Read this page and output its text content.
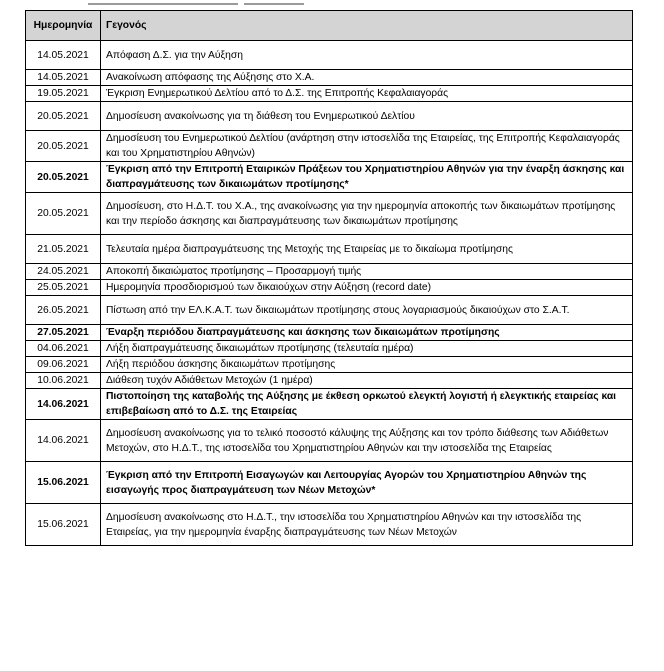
Ημερομηνία	Γεγονός
14.05.2021	Απόφαση Δ.Σ. για την Αύξηση
14.05.2021	Ανακοίνωση απόφασης της Αύξησης στο Χ.Α.
19.05.2021	Έγκριση Ενημερωτικού Δελτίου από το Δ.Σ. της Επιτροπής Κεφαλαιαγοράς
20.05.2021	Δημοσίευση ανακοίνωσης για τη διάθεση του Ενημερωτικού Δελτίου
20.05.2021	Δημοσίευση του Ενημερωτικού Δελτίου (ανάρτηση στην ιστοσελίδα της Εταιρείας, της Επιτροπής Κεφαλαιαγοράς και του Χρηματιστηρίου Αθηνών)
20.05.2021	Έγκριση από την Επιτροπή Εταιρικών Πράξεων του Χρηματιστηρίου Αθηνών για την έναρξη άσκησης και διαπραγμάτευσης των δικαιωμάτων προτίμησης*
20.05.2021	Δημοσίευση, στο Η.Δ.Τ. του Χ.Α., της ανακοίνωσης για την ημερομηνία αποκοπής των δικαιωμάτων προτίμησης και την περίοδο άσκησης και διαπραγμάτευσης των δικαιωμάτων προτίμησης
21.05.2021	Τελευταία ημέρα διαπραγμάτευσης της Μετοχής της Εταιρείας με το δικαίωμα προτίμησης
24.05.2021	Αποκοπή δικαιώματος προτίμησης – Προσαρμογή τιμής
25.05.2021	Ημερομηνία προσδιορισμού των δικαιούχων στην Αύξηση (record date)
26.05.2021	Πίστωση από την ΕΛ.Κ.Α.Τ. των δικαιωμάτων προτίμησης στους λογαριασμούς δικαιούχων στο Σ.Α.Τ.
27.05.2021	Έναρξη περιόδου διαπραγμάτευσης και άσκησης των δικαιωμάτων προτίμησης
04.06.2021	Λήξη διαπραγμάτευσης δικαιωμάτων προτίμησης (τελευταία ημέρα)
09.06.2021	Λήξη περιόδου άσκησης δικαιωμάτων προτίμησης
10.06.2021	Διάθεση τυχόν Αδιάθετων Μετοχών (1 ημέρα)
14.06.2021	Πιστοποίηση της καταβολής της Αύξησης με έκθεση ορκωτού ελεγκτή λογιστή ή ελεγκτικής εταιρείας και επιβεβαίωση από το Δ.Σ. της Εταιρείας
14.06.2021	Δημοσίευση ανακοίνωσης για το τελικό ποσοστό κάλυψης της Αύξησης και τον τρόπο διάθεσης των Αδιάθετων Μετοχών, στο Η.Δ.Τ., της ιστοσελίδα του Χρηματιστηρίου Αθηνών και την ιστοσελίδα της Εταιρείας
15.06.2021	Έγκριση από την Επιτροπή Εισαγωγών και Λειτουργίας Αγορών του Χρηματιστηρίου Αθηνών της εισαγωγής προς διαπραγμάτευση των Νέων Μετοχών*
15.06.2021	Δημοσίευση ανακοίνωσης στο Η.Δ.Τ., την ιστοσελίδα του Χρηματιστηρίου Αθηνών και την ιστοσελίδα της Εταιρείας, για την ημερομηνία έναρξης διαπραγμάτευσης των Νέων Μετοχών
